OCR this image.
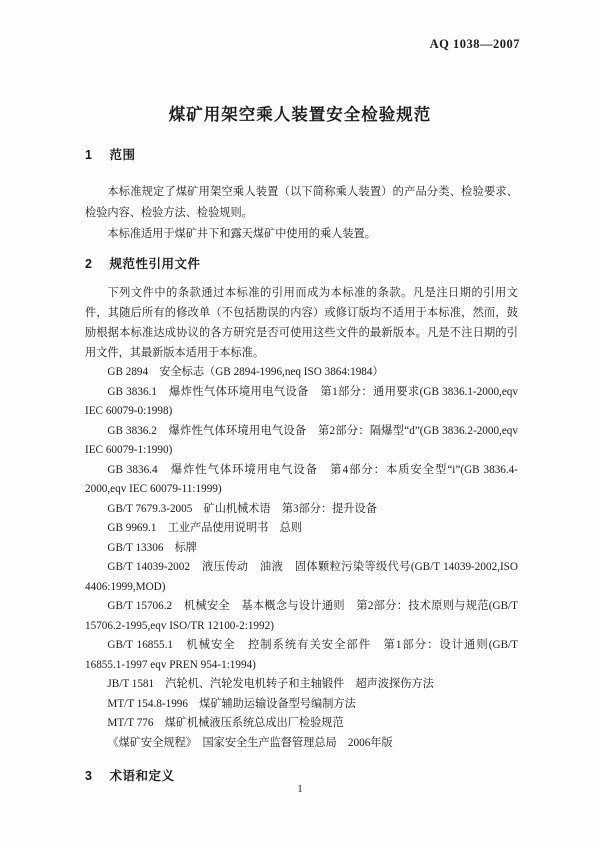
AQ 1038—2007
煤矿用架空乘人装置安全检验规范
1 范围

本标准规定了煤矿用架空乘人装置（以下简称乘人装置）的产品分类、检验要求、检验内容、检验方法、检验规则。

本标准适用于煤矿井下和露天煤矿中使用的乘人装置。

2 规范性引用文件

下列文件中的条款通过本标准的引用而成为本标准的条款。凡是注日期的引用文件，其随后所有的修改单（不包括勘误的内容）或修订版均不适用于本标准，然而，鼓励根据本标准达成协议的各方研究是否可使用这些文件的最新版本。凡是不注日期的引用文件，其最新版本适用于本标准。

GB 2894　安全标志（GB 2894-1996,neq ISO 3864:1984）

GB 3836.1　爆炸性气体环境用电气设备　第1部分：通用要求(GB 3836.1-2000,eqv IEC 60079-0:1998)

GB 3836.2　爆炸性气体环境用电气设备　第2部分：隔爆型“d”(GB 3836.2-2000,eqv IEC 60079-1:1990)

GB 3836.4　爆炸性气体环境用电气设备　第4部分：本质安全型“i”(GB 3836.4-2000,eqv IEC 60079-11:1999)

GB/T 7679.3-2005　矿山机械术语　第3部分：提升设备

GB 9969.1　工业产品使用说明书　总则

GB/T 13306　标牌

GB/T 14039-2002　液压传动　油液　固体颗粒污染等级代号(GB/T 14039-2002,ISO 4406:1999,MOD)

GB/T 15706.2　机械安全　基本概念与设计通则　第2部分：技术原则与规范(GB/T 15706.2-1995,eqv ISO/TR 12100-2:1992)

GB/T 16855.1　机械安全　控制系统有关安全部件　第1部分：设计通则(GB/T 16855.1-1997 eqv PREN 954-1:1994)

JB/T 1581　汽轮机、汽轮发电机转子和主轴锻件　超声波探伤方法

MT/T 154.8-1996　煤矿辅助运输设备型号编制方法

MT/T 776　煤矿机械液压系统总成出厂检验规范

《煤矿安全规程》　国家安全生产监督管理总局　2006年版

3 术语和定义
1
